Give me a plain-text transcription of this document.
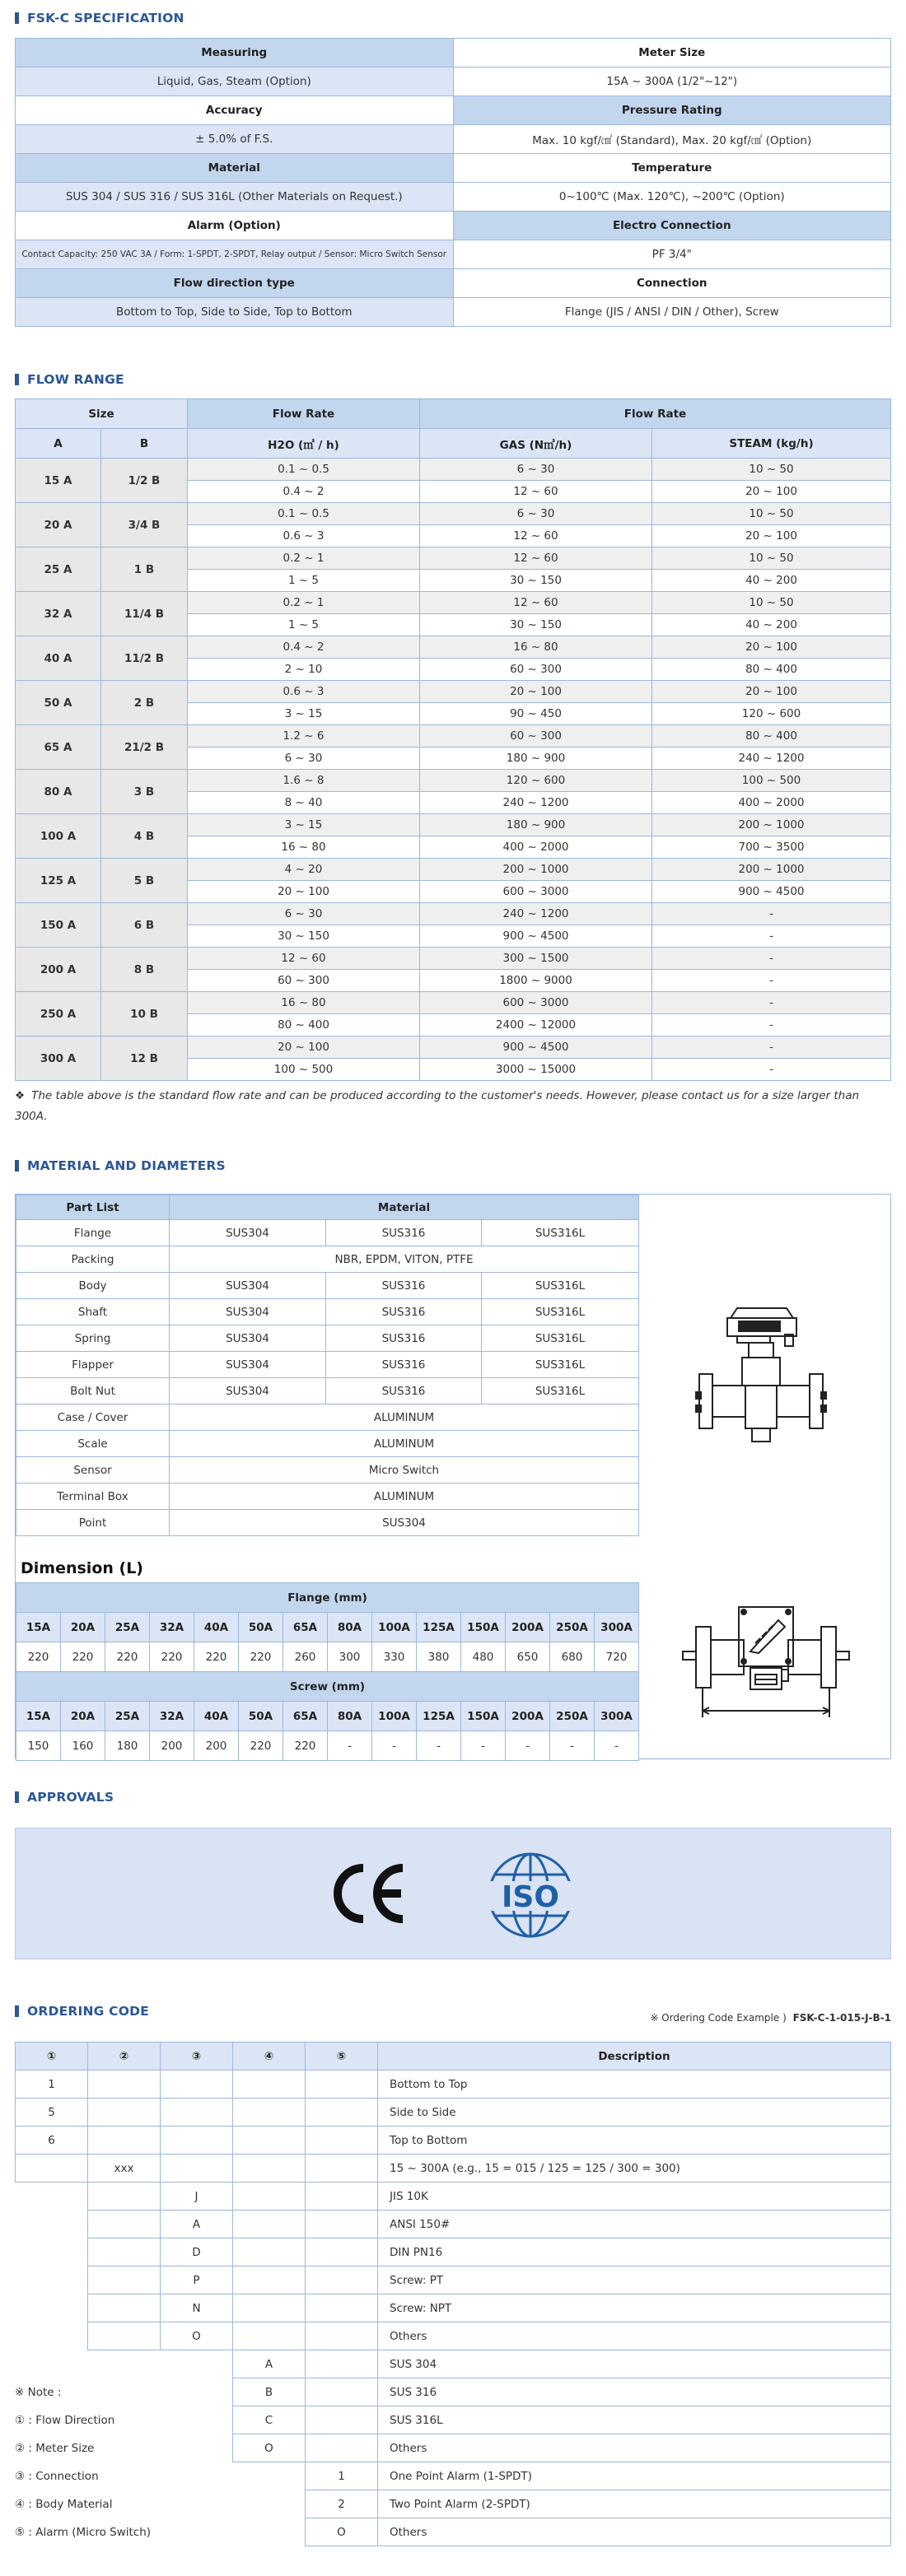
FSK-C SPECIFICATION
Measuring	Meter Size
Liquid, Gas, Steam (Option)	15A ~ 300A (1/2"~12")
Accuracy	Pressure Rating
± 5.0% of F.S.	Max. 10 kgf/㎠ (Standard), Max. 20 kgf/㎠ (Option)
Material	Temperature
SUS 304 / SUS 316 / SUS 316L (Other Materials on Request.)	0~100℃ (Max. 120℃), ~200℃ (Option)
Alarm (Option)	Electro Connection
Contact Capacity: 250 VAC 3A / Form: 1-SPDT, 2-SPDT, Relay output / Sensor: Micro Switch Sensor	PF 3/4"
Flow direction type	Connection
Bottom to Top, Side to Side, Top to Bottom	Flange (JIS / ANSI / DIN / Other), Screw
FLOW RANGE
Size		Flow Rate	Flow Rate	
A	B	H2O (㎥ / h)	GAS (N㎥/h)	STEAM (kg/h)
15 A	1/2 B	0.1 ~ 0.5	6 ~ 30	10 ~ 50
		0.4 ~ 2	12 ~ 60	20 ~ 100
20 A	3/4 B	0.1 ~ 0.5	6 ~ 30	10 ~ 50
		0.6 ~ 3	12 ~ 60	20 ~ 100
25 A	1 B	0.2 ~ 1	12 ~ 60	10 ~ 50
		1 ~ 5	30 ~ 150	40 ~ 200
32 A	11/4 B	0.2 ~ 1	12 ~ 60	10 ~ 50
		1 ~ 5	30 ~ 150	40 ~ 200
40 A	11/2 B	0.4 ~ 2	16 ~ 80	20 ~ 100
		2 ~ 10	60 ~ 300	80 ~ 400
50 A	2 B	0.6 ~ 3	20 ~ 100	20 ~ 100
		3 ~ 15	90 ~ 450	120 ~ 600
65 A	21/2 B	1.2 ~ 6	60 ~ 300	80 ~ 400
		6 ~ 30	180 ~ 900	240 ~ 1200
80 A	3 B	1.6 ~ 8	120 ~ 600	100 ~ 500
		8 ~ 40	240 ~ 1200	400 ~ 2000
100 A	4 B	3 ~ 15	180 ~ 900	200 ~ 1000
		16 ~ 80	400 ~ 2000	700 ~ 3500
125 A	5 B	4 ~ 20	200 ~ 1000	200 ~ 1000
		20 ~ 100	600 ~ 3000	900 ~ 4500
150 A	6 B	6 ~ 30	240 ~ 1200	-
		30 ~ 150	900 ~ 4500	-
200 A	8 B	12 ~ 60	300 ~ 1500	-
		60 ~ 300	1800 ~ 9000	-
250 A	10 B	16 ~ 80	600 ~ 3000	-
		80 ~ 400	2400 ~ 12000	-
300 A	12 B	20 ~ 100	900 ~ 4500	-
		100 ~ 500	3000 ~ 15000	-
❖ The table above is the standard flow rate and can be produced according to the customer's needs. However, please contact us for a size larger than 300A.
MATERIAL AND DIAMETERS
Part List	Material		
Flange	SUS304	SUS316	SUS316L
Packing	NBR, EPDM, VITON, PTFE		
Body	SUS304	SUS316	SUS316L
Shaft	SUS304	SUS316	SUS316L
Spring	SUS304	SUS316	SUS316L
Flapper	SUS304	SUS316	SUS316L
Bolt Nut	SUS304	SUS316	SUS316L
Case / Cover	ALUMINUM		
Scale	ALUMINUM		
Sensor	Micro Switch		
Terminal Box	ALUMINUM		
Point	SUS304		
Dimension (L)
Flange (mm)													
15A	20A	25A	32A	40A	50A	65A	80A	100A	125A	150A	200A	250A	300A
220	220	220	220	220	220	260	300	330	380	480	650	680	720
Screw (mm)													
15A	20A	25A	32A	40A	50A	65A	80A	100A	125A	150A	200A	250A	300A
150	160	180	200	200	220	220	-	-	-	-	-	-	-
APPROVALS
ISO
ORDERING CODE	※ Ordering Code Example ) FSK-C-1-015-J-B-1
①	②	③	④	⑤	Description
1					Bottom to Top
5					Side to Side
6					Top to Bottom
	xxx				15 ~ 300A (e.g., 15 = 015 / 125 = 125 / 300 = 300)
		J			JIS 10K
		A			ANSI 150#
		D			DIN PN16
		P			Screw: PT
		N			Screw: NPT
		O			Others
			A		SUS 304
			B		SUS 316
			C		SUS 316L
			O		Others
				1	One Point Alarm (1-SPDT)
				2	Two Point Alarm (2-SPDT)
				O	Others
※ Note :
① : Flow Direction
② : Meter Size
③ : Connection
④ : Body Material
⑤ : Alarm (Micro Switch)
